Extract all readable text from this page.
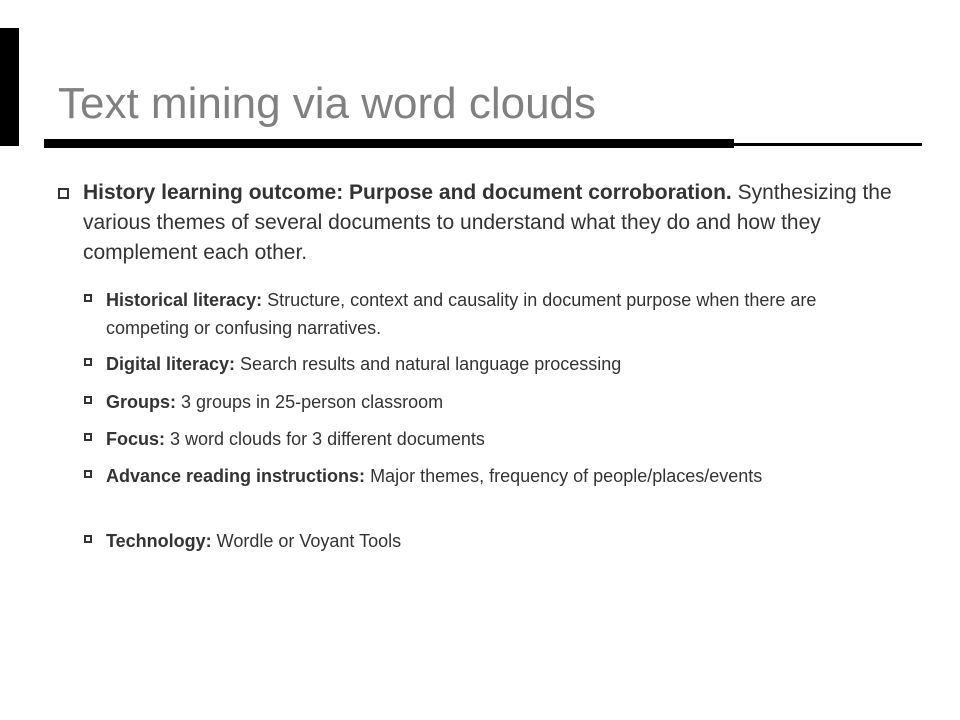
Text mining via word clouds
History learning outcome: Purpose and document corroboration. Synthesizing the various themes of several documents to understand what they do and how they complement each other.
Historical literacy: Structure, context and causality in document purpose when there are competing or confusing narratives.
Digital literacy: Search results and natural language processing
Groups: 3 groups in 25-person classroom
Focus: 3 word clouds for 3 different documents
Advance reading instructions: Major themes, frequency of people/places/events
Technology: Wordle or Voyant Tools
